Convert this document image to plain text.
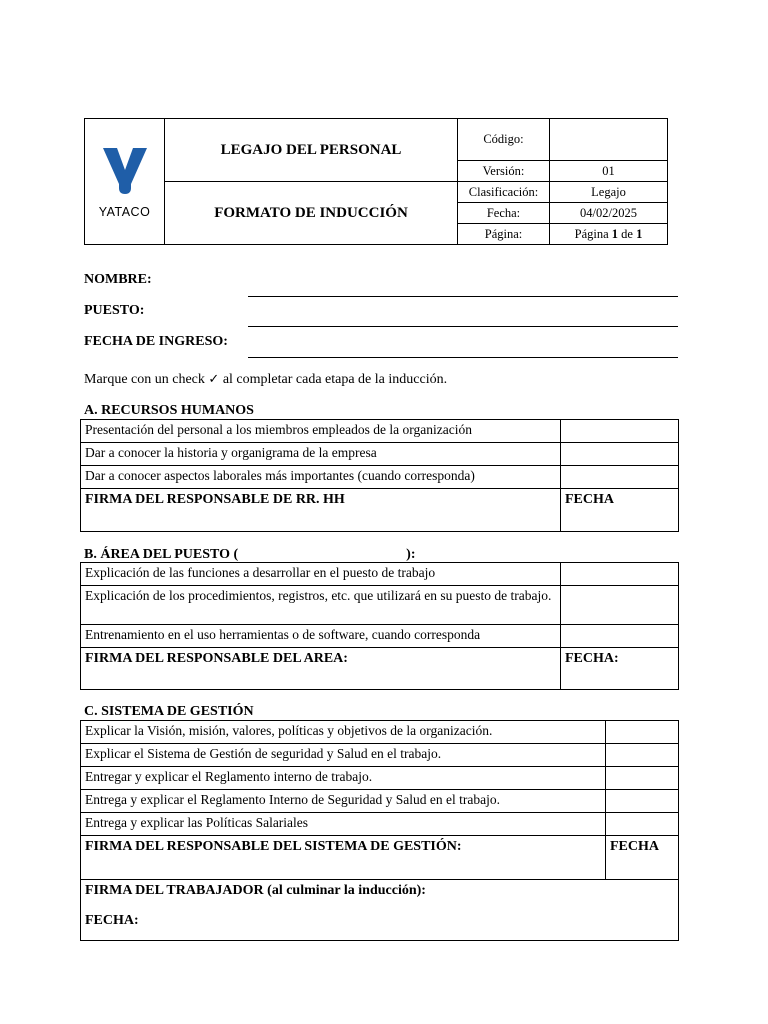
YATACO	LEGAJO DEL PERSONAL	Código:	
		Versión:	01
	FORMATO DE INDUCCIÓN	Clasificación:	Legajo
		Fecha:	04/02/2025
		Página:	Página 1 de 1
NOMBRE:
PUESTO:
FECHA DE INGRESO:
Marque con un check ✓ al completar cada etapa de la inducción.
A. RECURSOS HUMANOS
Presentación del personal a los miembros empleados de la organización	
Dar a conocer la historia y organigrama de la empresa	
Dar a conocer aspectos laborales más importantes (cuando corresponda)	
FIRMA DEL RESPONSABLE DE RR. HH	FECHA
B. ÁREA DEL PUESTO (	):
Explicación de las funciones a desarrollar en el puesto de trabajo	
Explicación de los procedimientos, registros, etc. que utilizará en su puesto de trabajo.	
Entrenamiento en el uso herramientas o de software, cuando corresponda	
FIRMA DEL RESPONSABLE DEL AREA:	FECHA:
C. SISTEMA DE GESTIÓN
Explicar la Visión, misión, valores, políticas y objetivos de la organización.	
Explicar el Sistema de Gestión de seguridad y Salud en el trabajo.	
Entregar y explicar el Reglamento interno de trabajo.	
Entrega y explicar el Reglamento Interno de Seguridad y Salud en el trabajo.	
Entrega y explicar las Políticas Salariales	
FIRMA DEL RESPONSABLE DEL SISTEMA DE GESTIÓN:	FECHA

FIRMA DEL TRABAJADOR (al culminar la inducción):
FECHA:	
